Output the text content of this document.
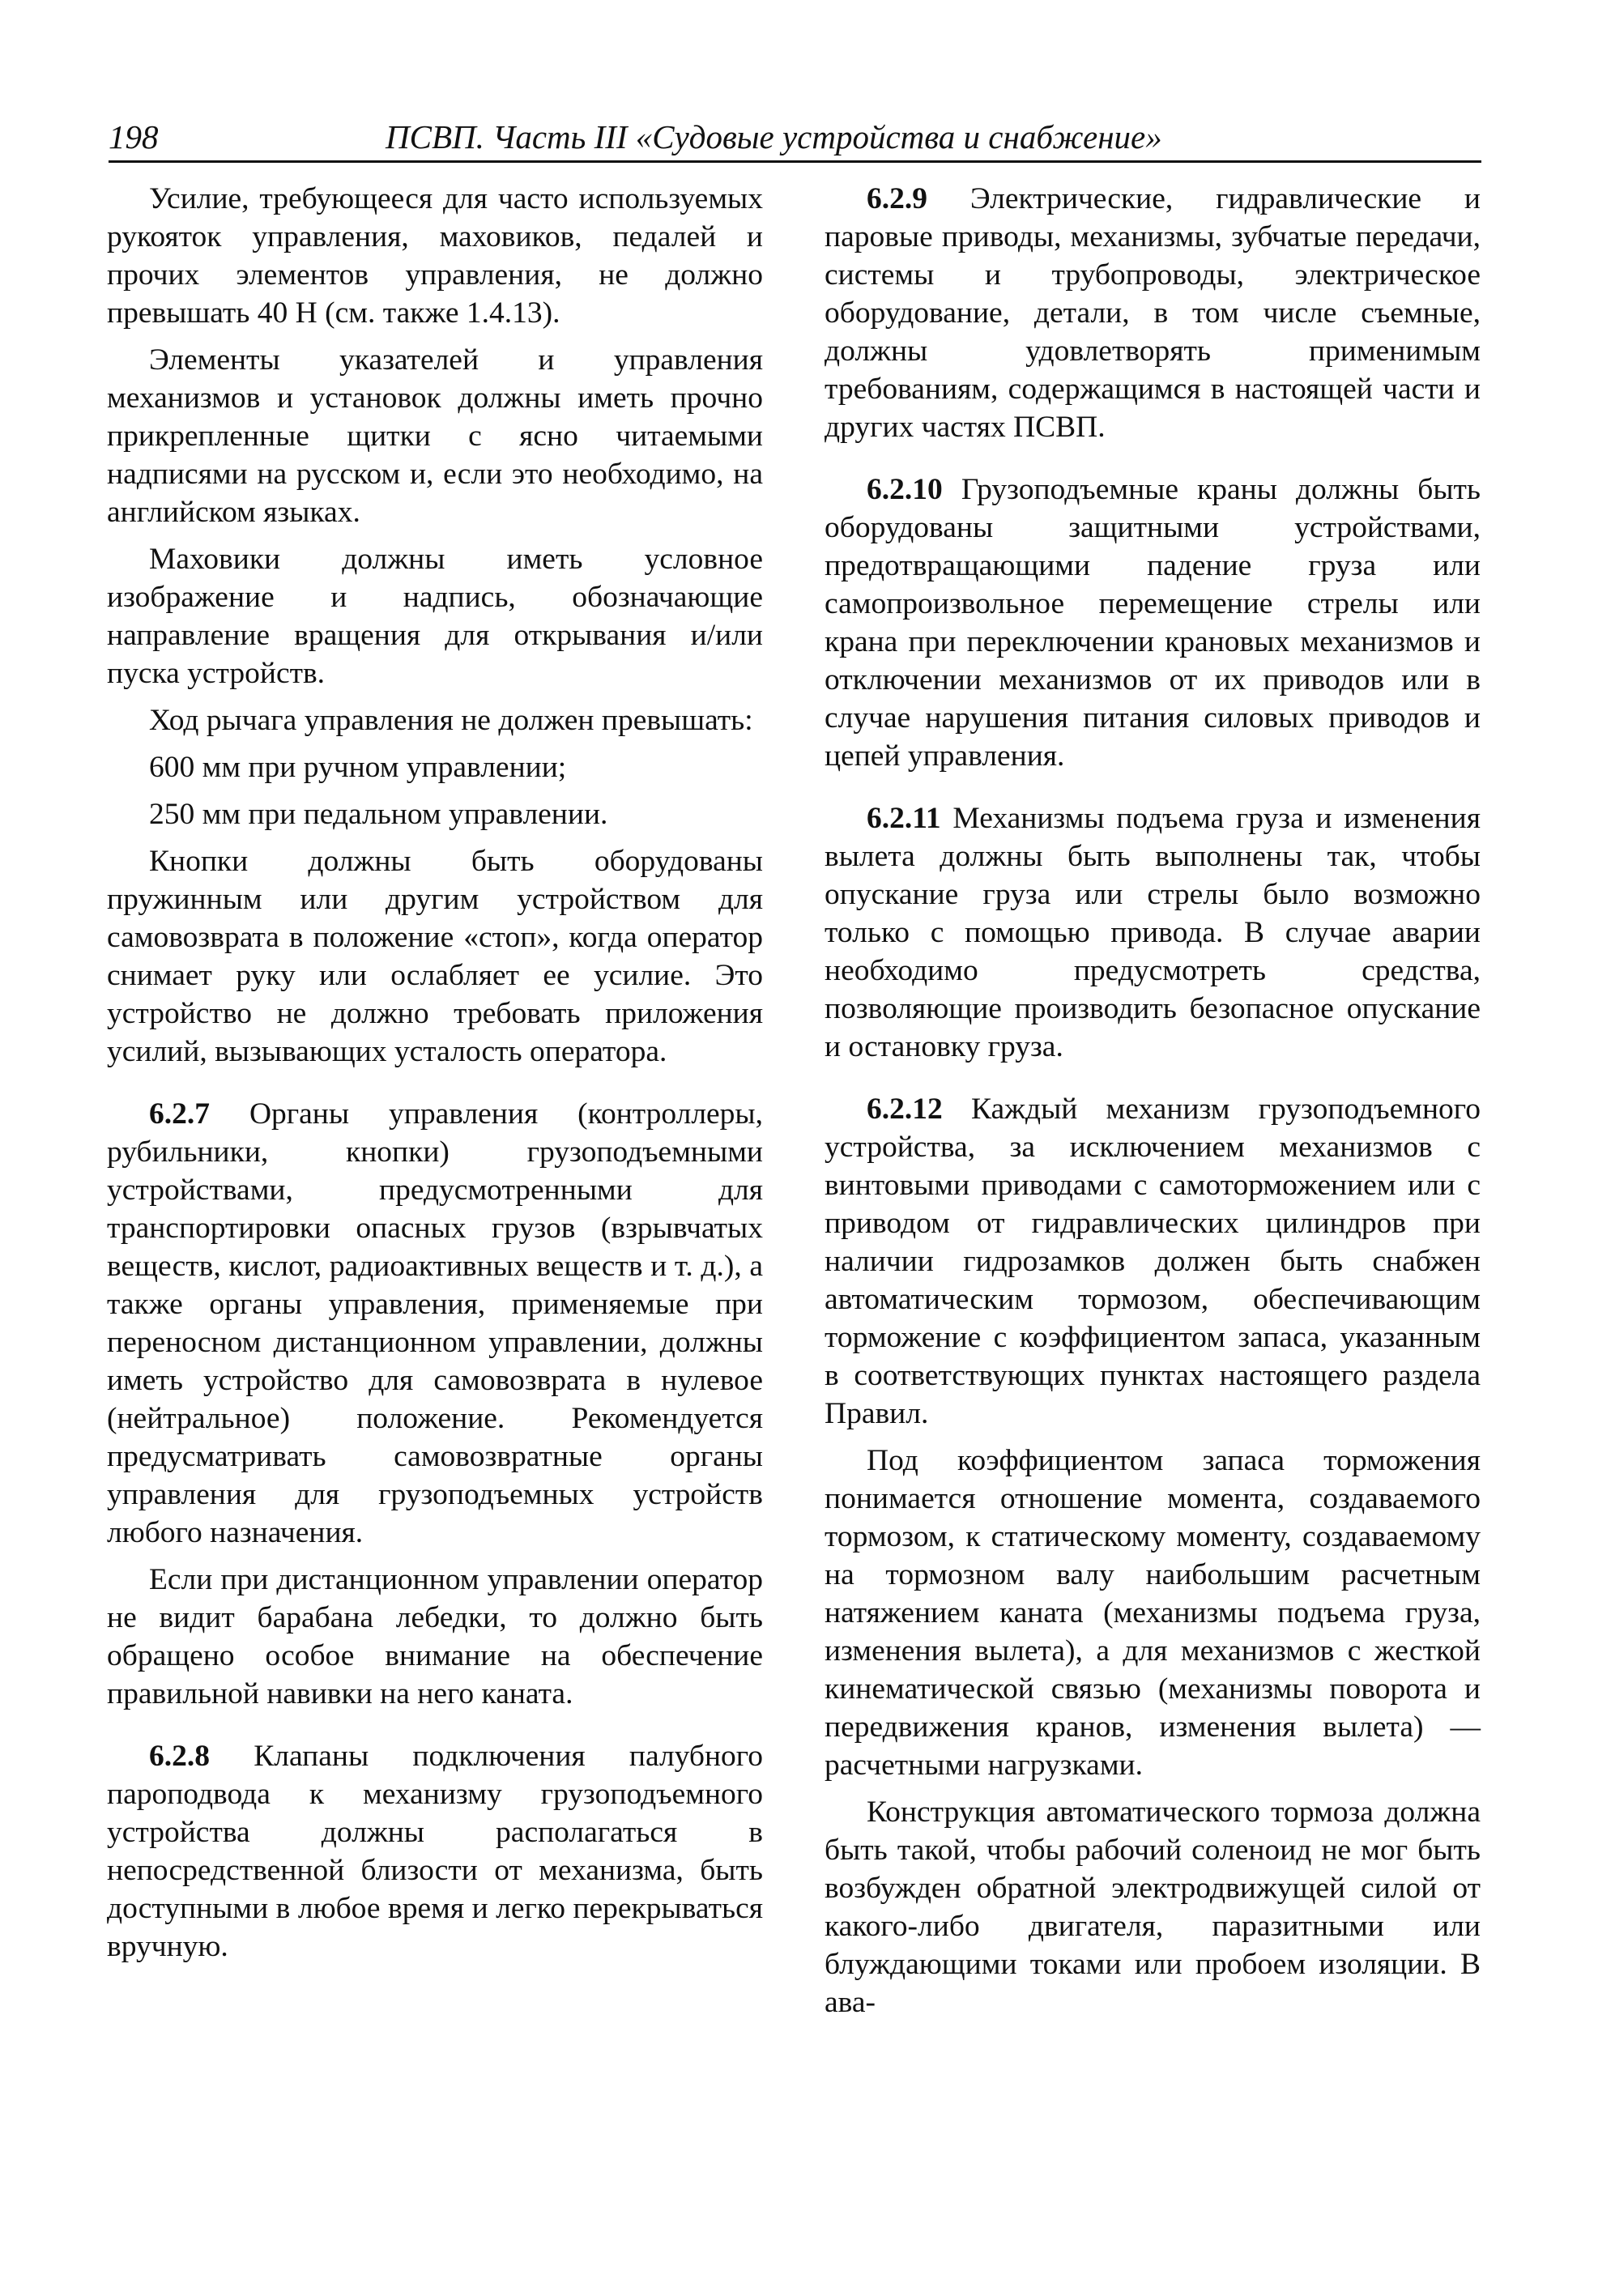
198	ПСВП. Часть III «Судовые устройства и снабжение»

Усилие, требующееся для часто используемых рукояток управления, маховиков, педалей и прочих элементов управления, не должно превышать 40 Н (см. также 1.4.13).

Элементы указателей и управления механизмов и установок должны иметь прочно прикрепленные щитки с ясно читаемыми надписями на русском и, если это необходимо, на английском языках.

Маховики должны иметь условное изображение и надпись, обозначающие направление вращения для открывания и/или пуска устройств.

Ход рычага управления не должен превышать:

600 мм при ручном управлении;

250 мм при педальном управлении.

Кнопки должны быть оборудованы пружинным или другим устройством для самовозврата в положение «стоп», когда оператор снимает руку или ослабляет ее усилие. Это устройство не должно требовать приложения усилий, вызывающих усталость оператора.

6.2.7 Органы управления (контроллеры, рубильники, кнопки) грузоподъемными устройствами, предусмотренными для транспортировки опасных грузов (взрывчатых веществ, кислот, радиоактивных веществ и т. д.), а также органы управления, применяемые при переносном дистанционном управлении, должны иметь устройство для самовозврата в нулевое (нейтральное) положение. Рекомендуется предусматривать самовозвратные органы управления для грузоподъемных устройств любого назначения.

Если при дистанционном управлении оператор не видит барабана лебедки, то должно быть обращено особое внимание на обеспечение правильной навивки на него каната.

6.2.8 Клапаны подключения палубного пароподвода к механизму грузоподъемного устройства должны располагаться в непосредственной близости от механизма, быть доступными в любое время и легко перекрываться вручную.

6.2.9 Электрические, гидравлические и паровые приводы, механизмы, зубчатые передачи, системы и трубопроводы, электрическое оборудование, детали, в том числе съемные, должны удовлетворять применимым требованиям, содержащимся в настоящей части и других частях ПСВП.

6.2.10 Грузоподъемные краны должны быть оборудованы защитными устройствами, предотвращающими падение груза или самопроизвольное перемещение стрелы или крана при переключении крановых механизмов и отключении механизмов от их приводов или в случае нарушения питания силовых приводов и цепей управления.

6.2.11 Механизмы подъема груза и изменения вылета должны быть выполнены так, чтобы опускание груза или стрелы было возможно только с помощью привода. В случае аварии необходимо предусмотреть средства, позволяющие производить безопасное опускание и остановку груза.

6.2.12 Каждый механизм грузоподъемного устройства, за исключением механизмов с винтовыми приводами с самоторможением или с приводом от гидравлических цилиндров при наличии гидрозамков должен быть снабжен автоматическим тормозом, обеспечивающим торможение с коэффициентом запаса, указанным в соответствующих пунктах настоящего раздела Правил.

Под коэффициентом запаса торможения понимается отношение момента, создаваемого тормозом, к статическому моменту, создаваемому на тормозном валу наибольшим расчетным натяжением каната (механизмы подъема груза, изменения вылета), а для механизмов с жесткой кинематической связью (механизмы поворота и передвижения кранов, изменения вылета) — расчетными нагрузками.

Конструкция автоматического тормоза должна быть такой, чтобы рабочий соленоид не мог быть возбужден обратной электродвижущей силой от какого-либо двигателя, паразитными или блуждающими токами или пробоем изоляции. В ава-
